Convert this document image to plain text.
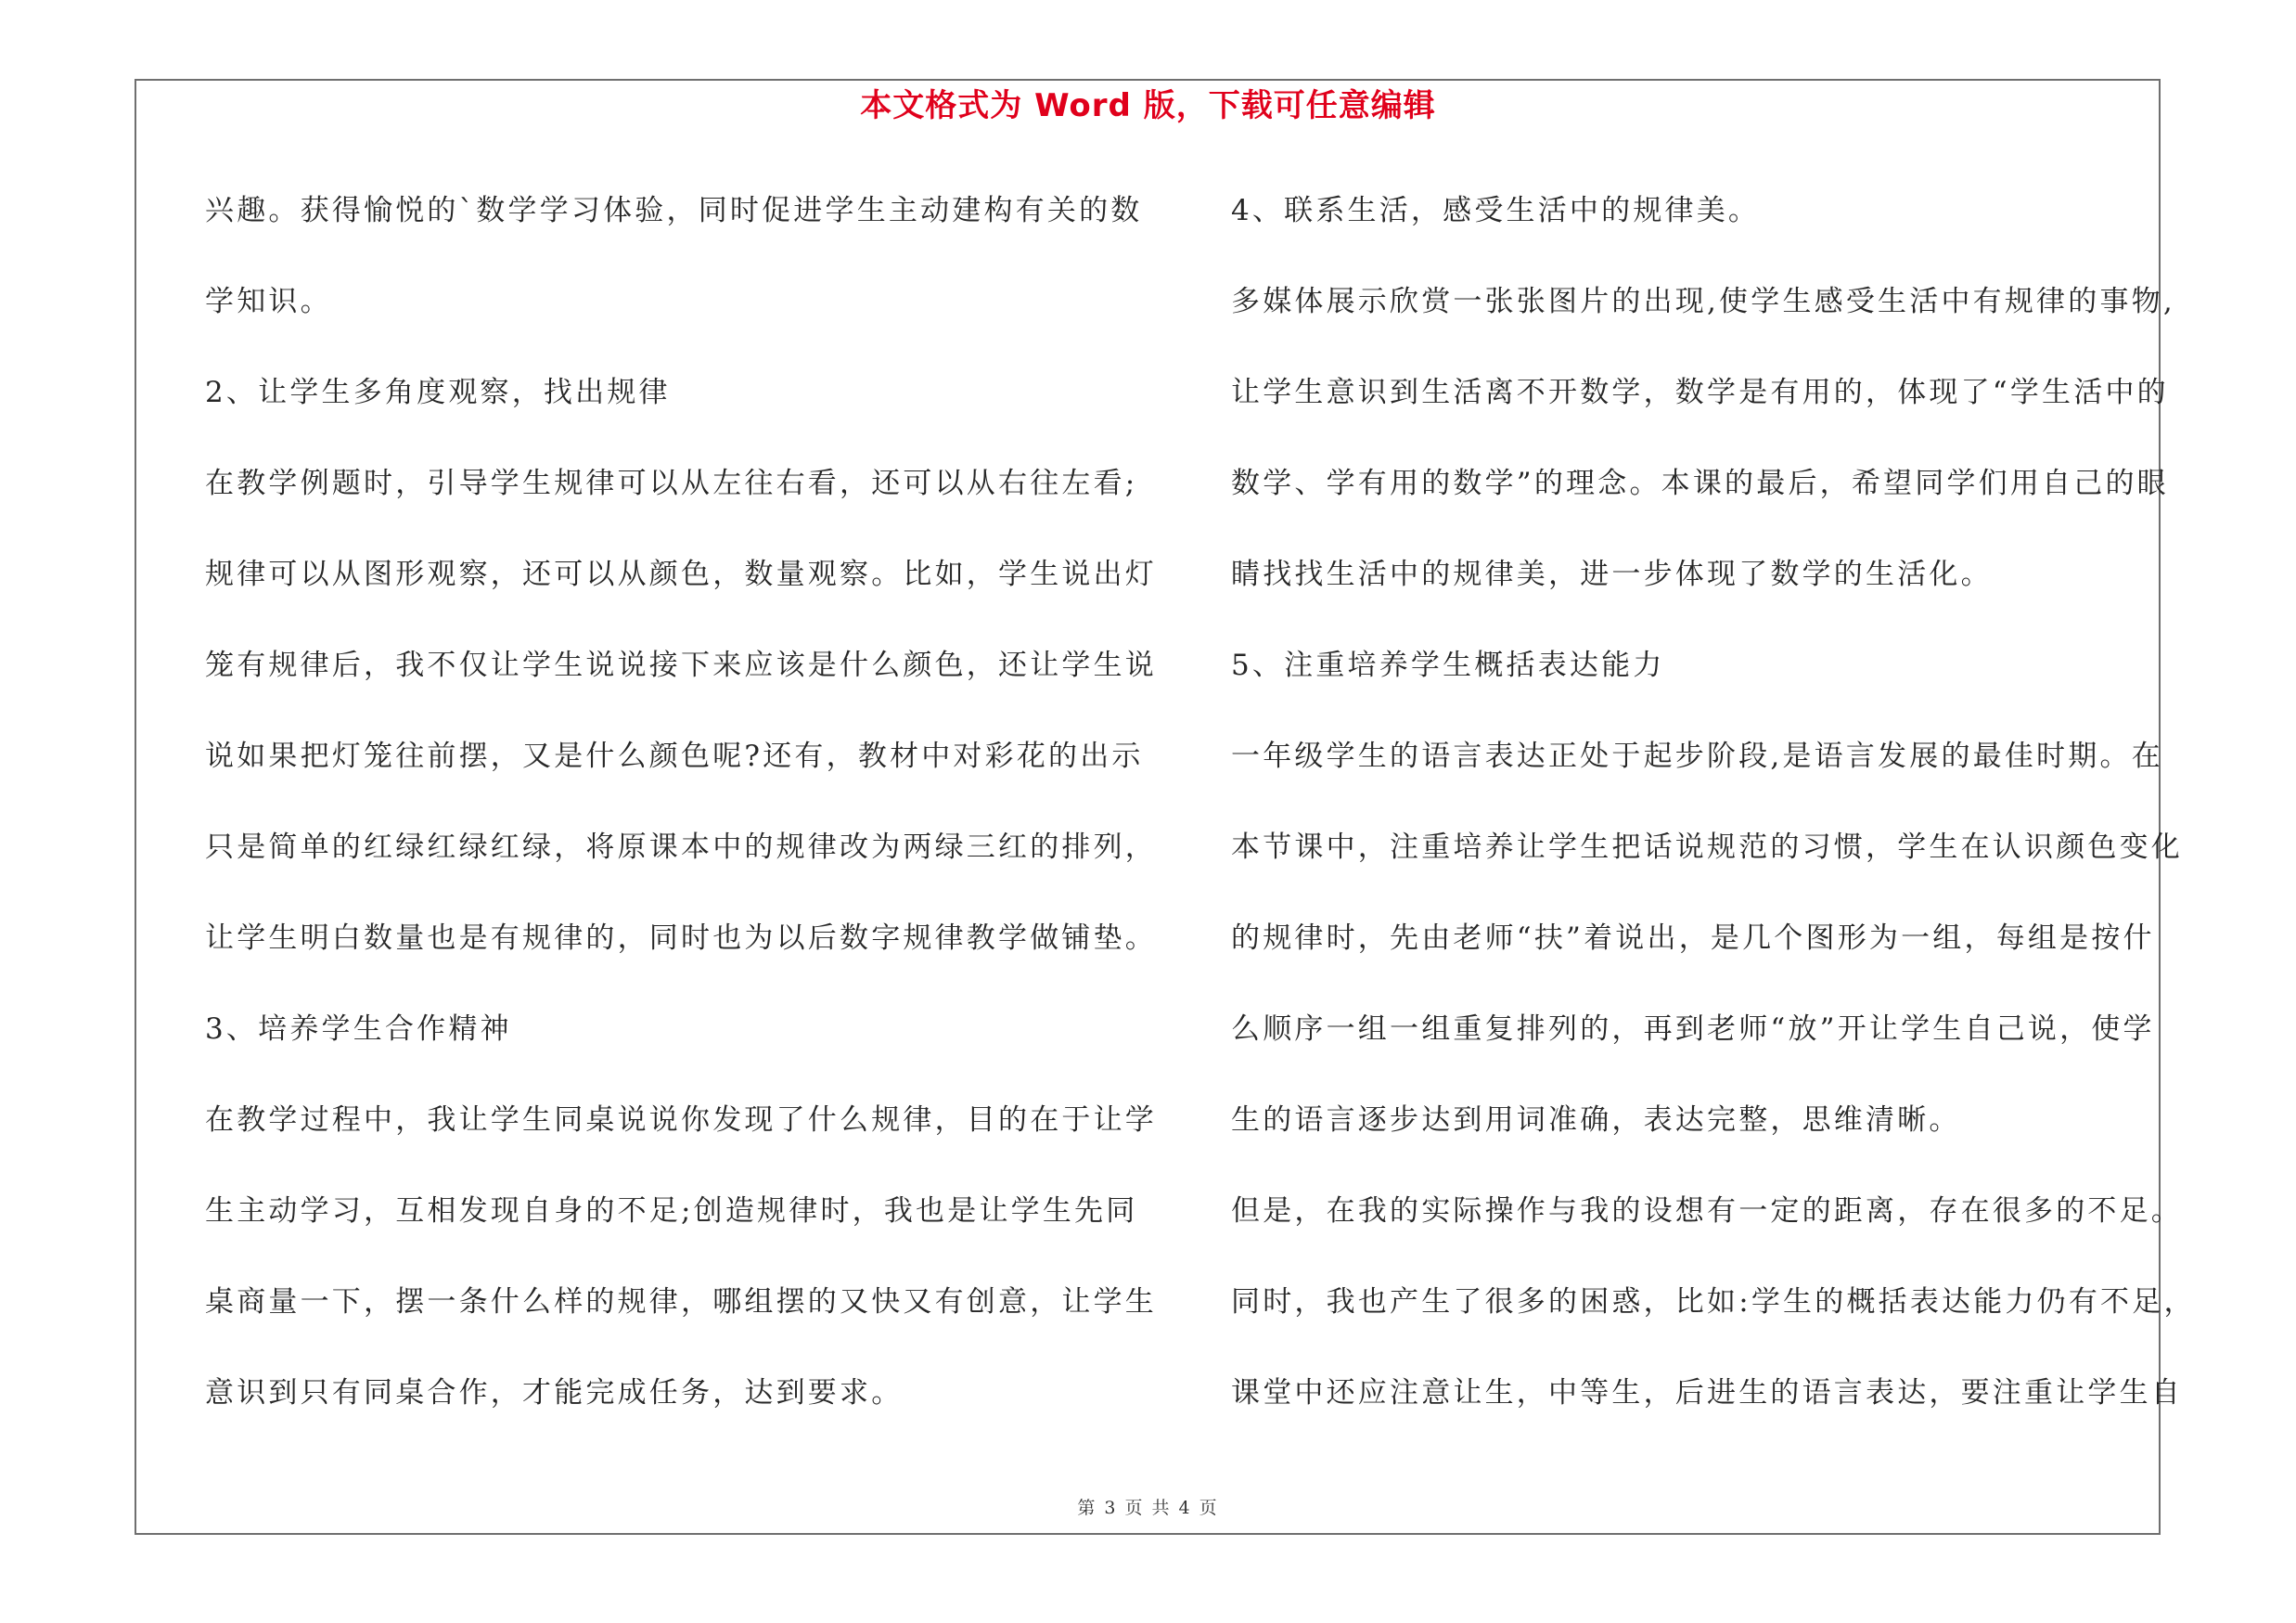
本文格式为 Word 版，下载可任意编辑
兴趣。获得愉悦的`数学学习体验，同时促进学生主动建构有关的数
学知识。
2、让学生多角度观察，找出规律
在教学例题时，引导学生规律可以从左往右看，还可以从右往左看;
规律可以从图形观察，还可以从颜色，数量观察。比如，学生说出灯
笼有规律后，我不仅让学生说说接下来应该是什么颜色，还让学生说
说如果把灯笼往前摆，又是什么颜色呢?还有，教材中对彩花的出示
只是简单的红绿红绿红绿，将原课本中的规律改为两绿三红的排列，
让学生明白数量也是有规律的，同时也为以后数字规律教学做铺垫。
3、培养学生合作精神
在教学过程中，我让学生同桌说说你发现了什么规律，目的在于让学
生主动学习，互相发现自身的不足;创造规律时，我也是让学生先同
桌商量一下，摆一条什么样的规律，哪组摆的又快又有创意，让学生
意识到只有同桌合作，才能完成任务，达到要求。
4、联系生活，感受生活中的规律美。
多媒体展示欣赏一张张图片的出现,使学生感受生活中有规律的事物,
让学生意识到生活离不开数学，数学是有用的，体现了“学生活中的
数学、学有用的数学”的理念。本课的最后，希望同学们用自己的眼
睛找找生活中的规律美，进一步体现了数学的生活化。
5、注重培养学生概括表达能力
一年级学生的语言表达正处于起步阶段,是语言发展的最佳时期。在
本节课中，注重培养让学生把话说规范的习惯，学生在认识颜色变化
的规律时，先由老师“扶”着说出，是几个图形为一组，每组是按什
么顺序一组一组重复排列的，再到老师“放”开让学生自己说，使学
生的语言逐步达到用词准确，表达完整，思维清晰。
但是，在我的实际操作与我的设想有一定的距离，存在很多的不足。
同时，我也产生了很多的困惑，比如:学生的概括表达能力仍有不足，
课堂中还应注意让生，中等生，后进生的语言表达，要注重让学生自
第 3 页 共 4 页
